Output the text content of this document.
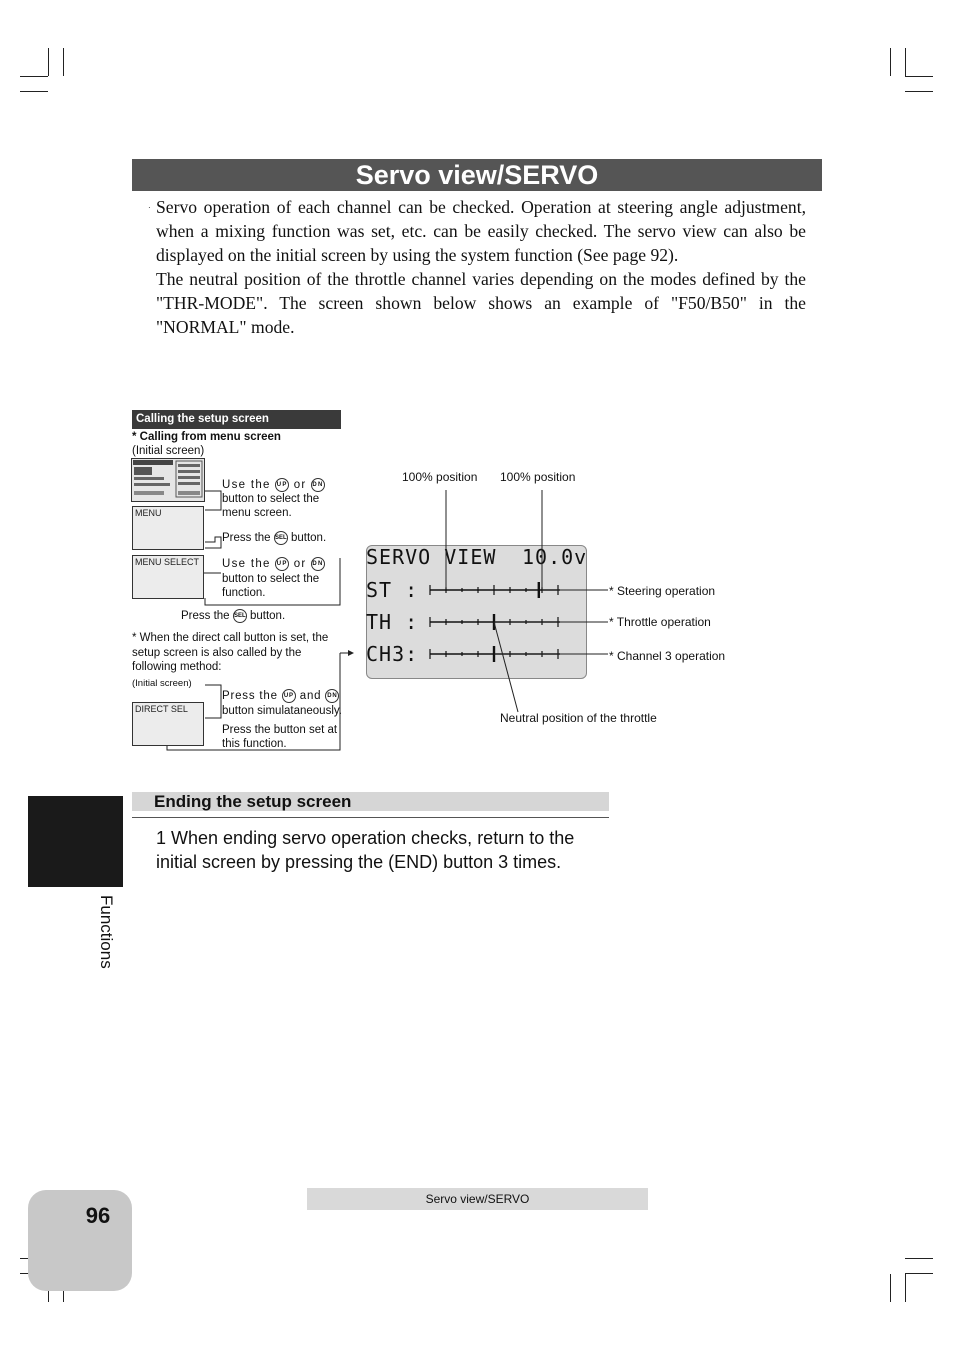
Servo view/SERVO
· Servo operation of each channel can be checked. Operation at steering angle adjustment, when a mixing function was set, etc. can be easily checked. The servo view can also be displayed on the initial screen by using the system function (See page 92).

The neutral position of the throttle channel varies depending on the modes defined by the "THR-MODE". The screen shown below shows an example of "F50/B50" in the "NORMAL" mode.

Calling the setup screen
* Calling from menu screen
(Initial screen)
Use the UP or DN
button to select the menu screen.
MENU
Press the SEL button.
MENU SELECT Use the UP or DN
button to select the function.
Press the SEL button.
* When the direct call button is set, the setup screen is also called by the following method:
(Initial screen)
Press the UP and DN
button simulataneously.
DIRECT SEL
Press the button set at this function.
SERVO VIEW 10.0v
ST :
TH :
CH3:
100% position 100% position
* Steering operation
* Throttle operation
* Channel 3 operation
Neutral position of the throttle
Ending the setup screen
1 When ending servo operation checks, return to the initial screen by pressing the (END) button 3 times.
Functions
96
Servo view/SERVO
